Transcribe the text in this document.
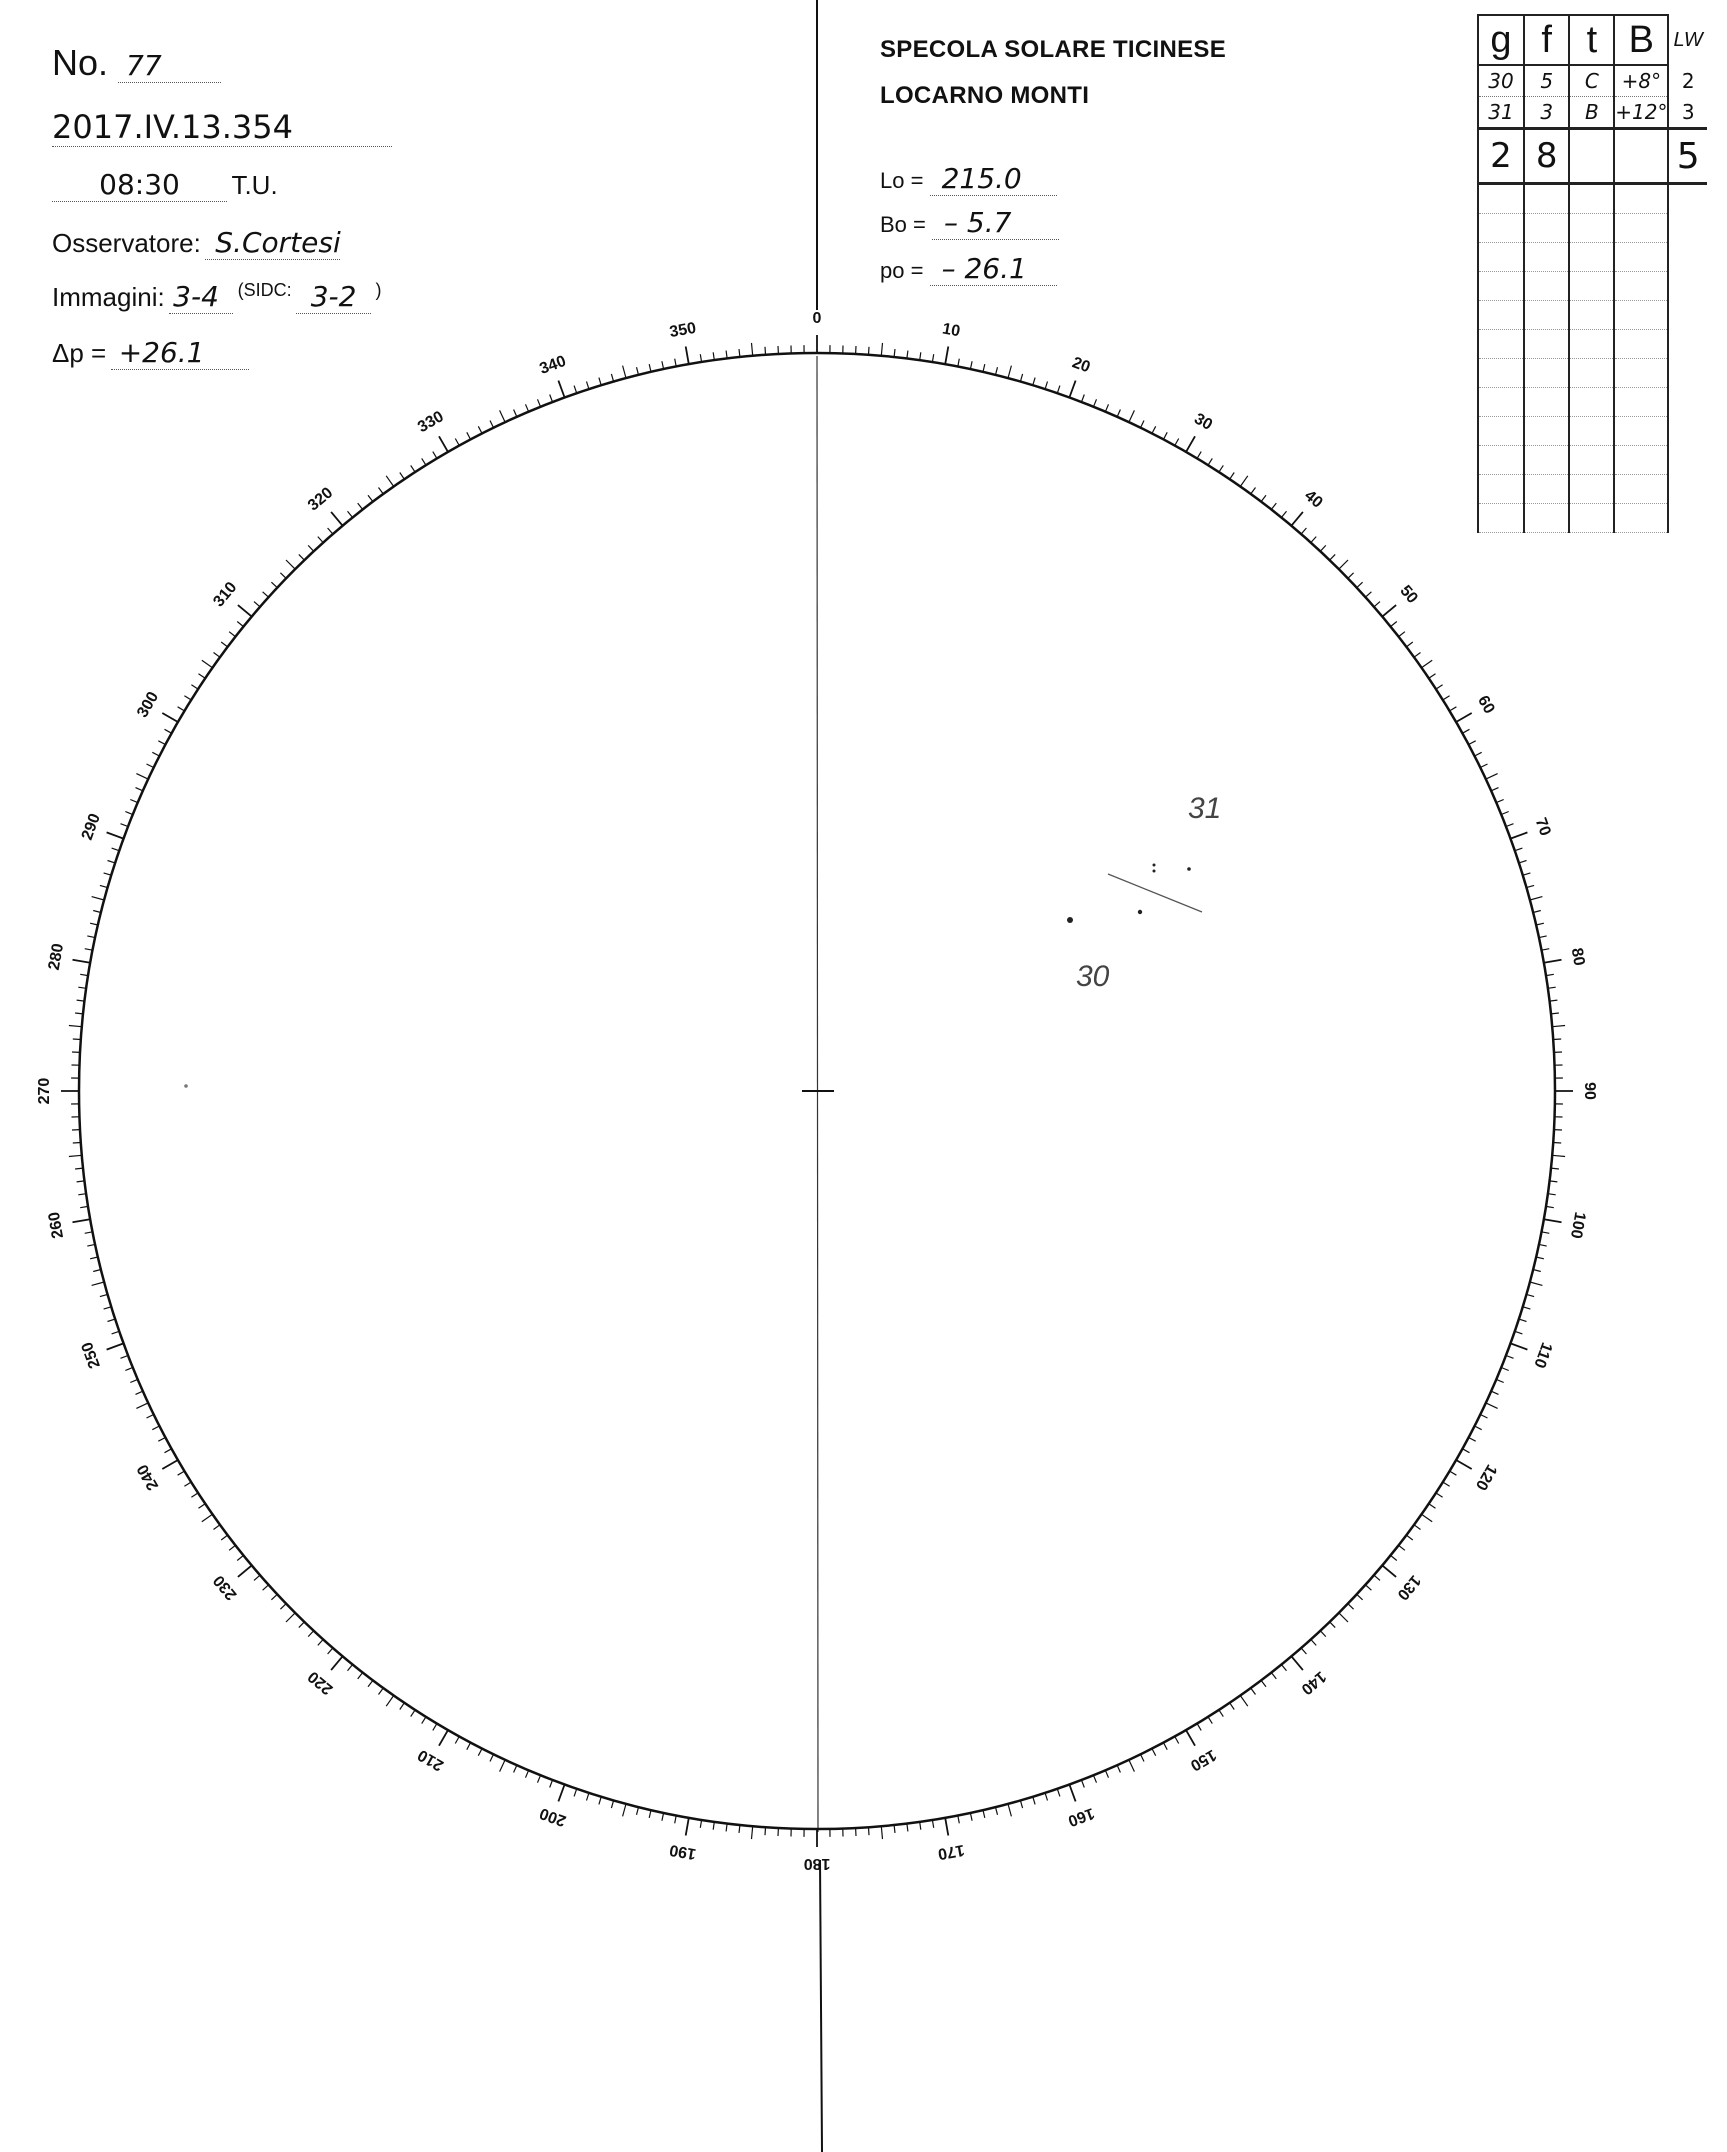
No. 77
2017.IV.13.354
08:30 T.U.
Osservatore: S.Cortesi
Immagini: 3-4 (SIDC: 3-2 )
Δp = +26.1
SPECOLA SOLARE TICINESE
LOCARNO MONTI
Lo = 215.0
Bo = – 5.7
po = – 26.1
g	f	t	B	LW
30	5	C	+8°	2
31	3	B	+12°	3
2	8			5

0
10
20
30
40
50
60
70
80
90
100
110
120
130
140
150
160
170
180
190
200
210
220
230
240
250
260
270
280
290
300
310
320
330
340
350
31
30
